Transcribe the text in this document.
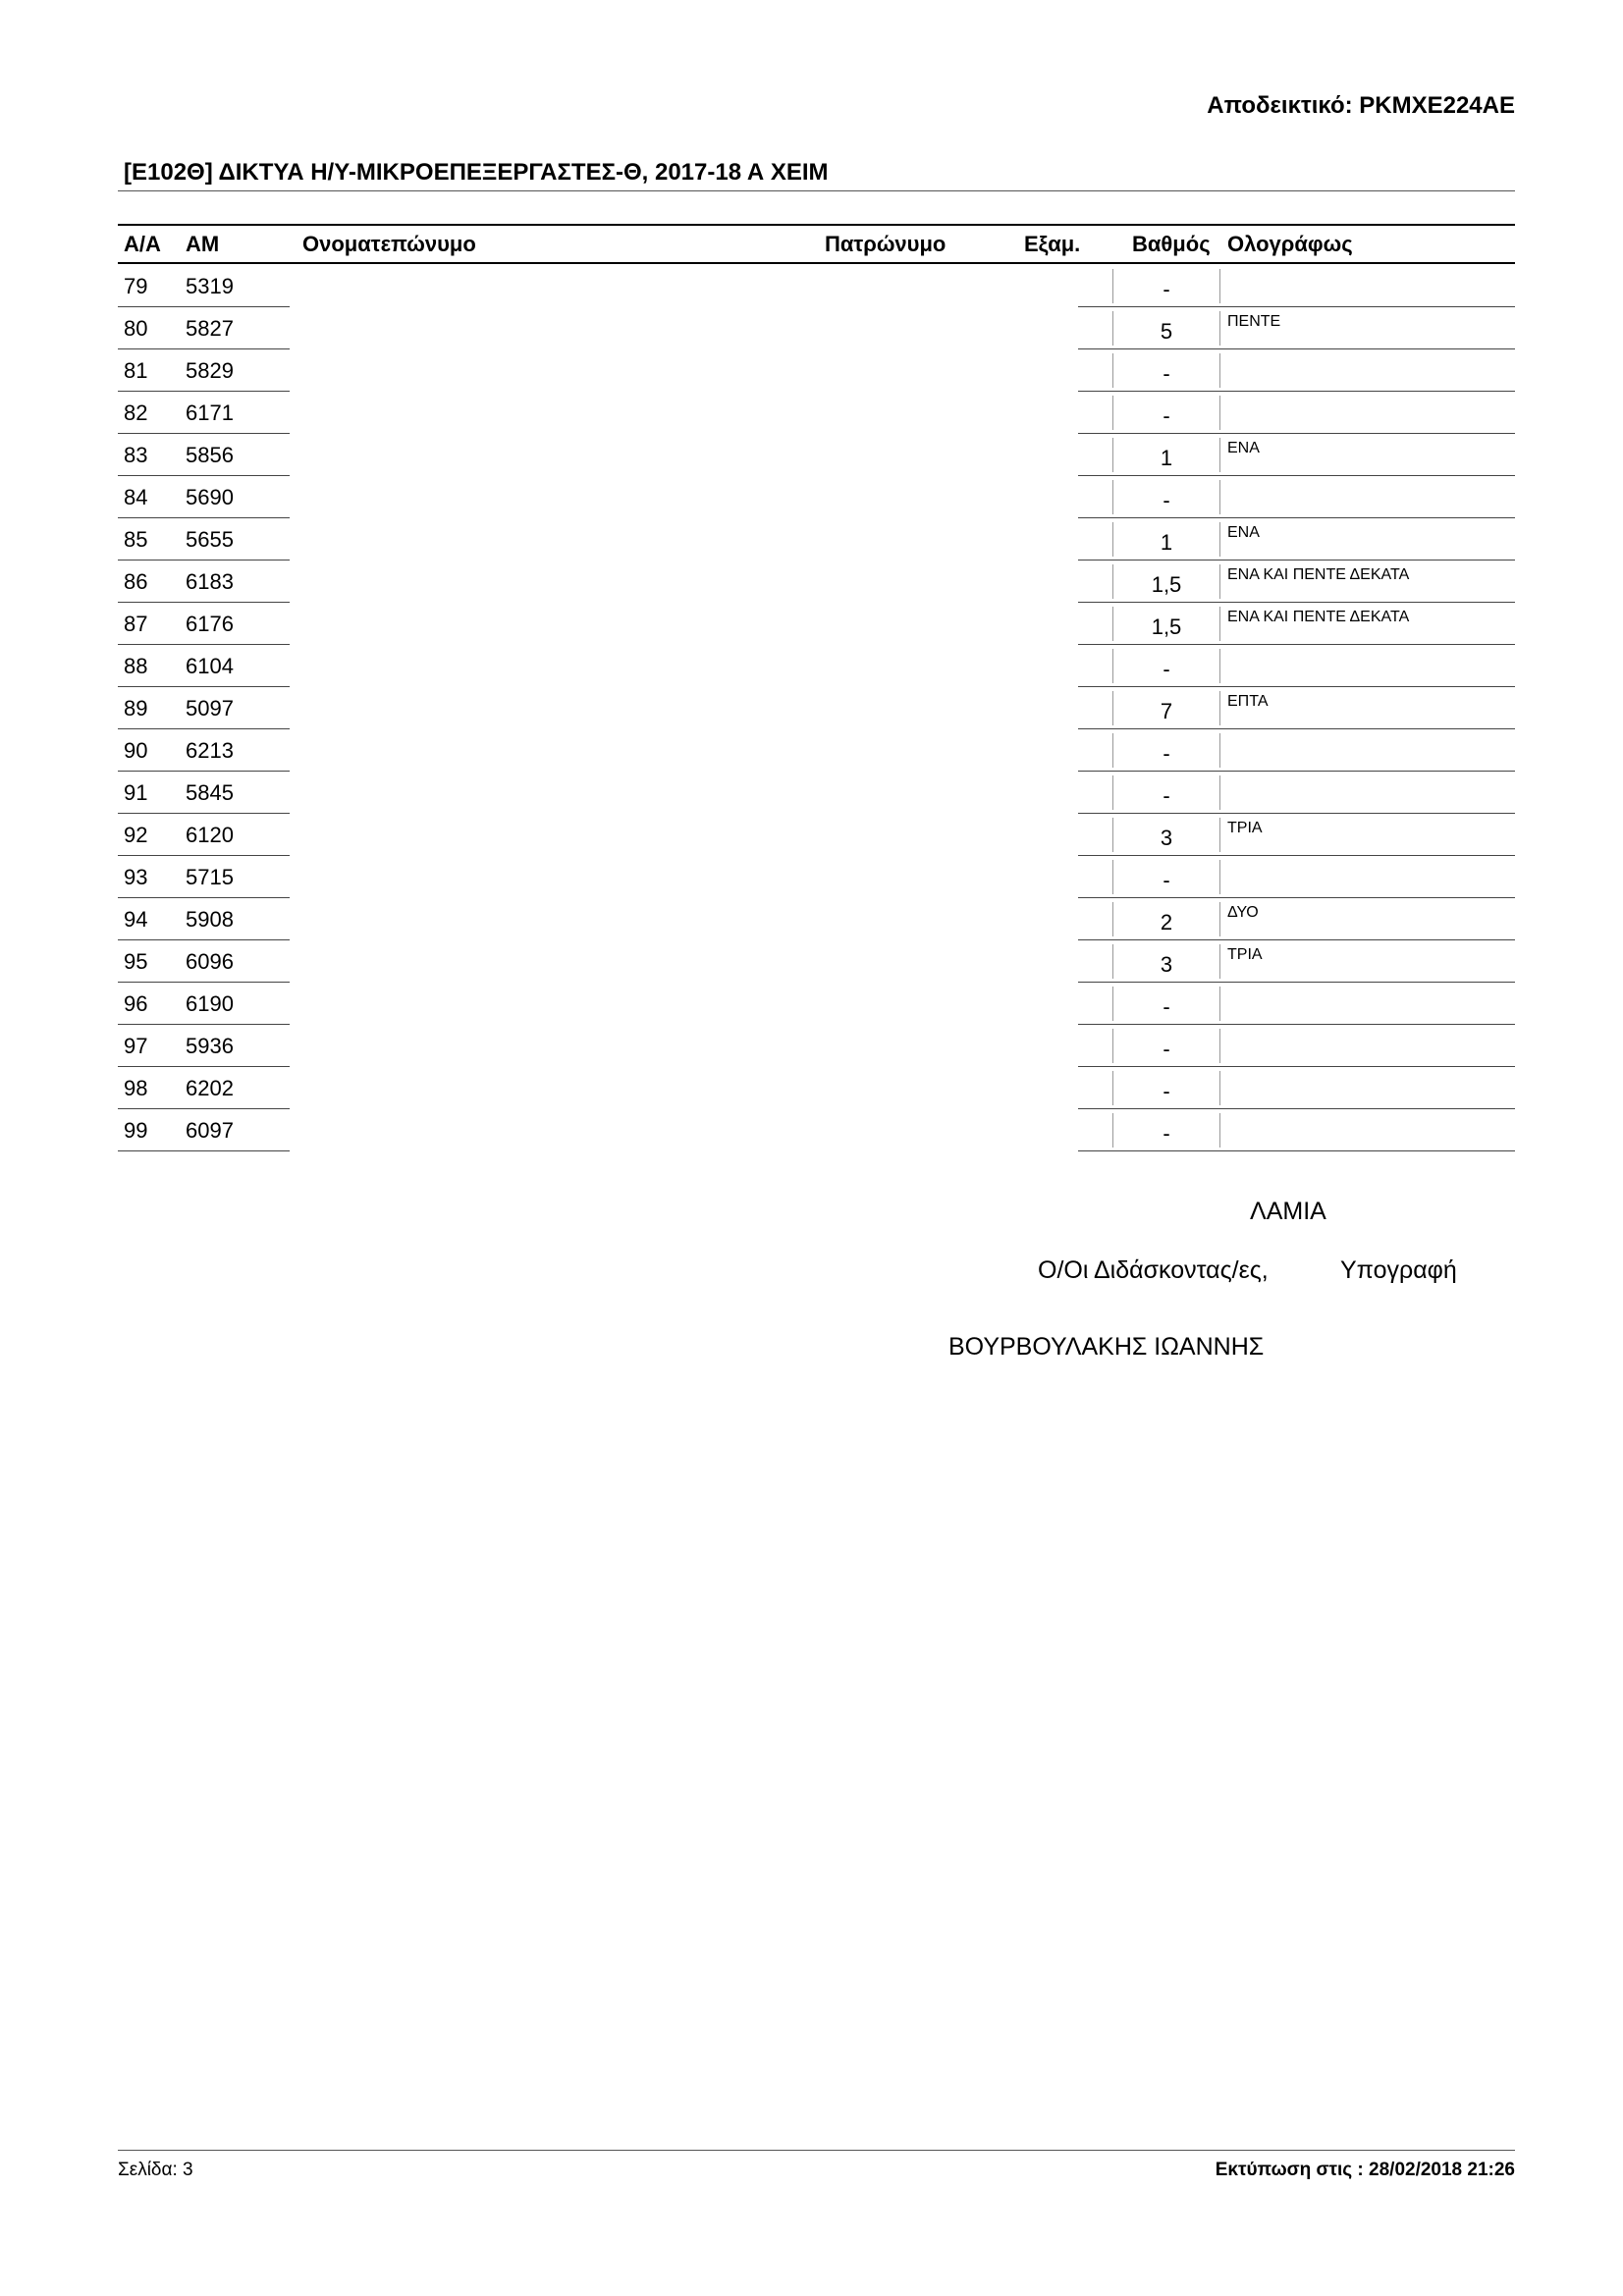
Αποδεικτικό: ΡΚΜΧΕ224ΑΕ
[Ε102Θ] ΔΙΚΤΥΑ Η/Υ-ΜΙΚΡΟΕΠΕΞΕΡΓΑΣΤΕΣ-Θ, 2017-18 Α ΧΕΙΜ
Α/Α ΑΜ	Ονοματεπώνυμο	Πατρώνυμο	Εξαμ. Βαθμός Ολογράφως
79 5319	-
80 5827	5	ΠΕΝΤΕ
81 5829	-
82 6171	-
83 5856	1	ΕΝΑ
84 5690	-
85 5655	1	ΕΝΑ
86 6183	1,5	ΕΝΑ ΚΑΙ ΠΕΝΤΕ ΔΕΚΑΤΑ
87 6176	1,5	ΕΝΑ ΚΑΙ ΠΕΝΤΕ ΔΕΚΑΤΑ
88 6104	-
89 5097	7	ΕΠΤΑ
90 6213	-
91 5845	-
92 6120	3	ΤΡΙΑ
93 5715	-
94 5908	2	ΔΥΟ
95 6096	3	ΤΡΙΑ
96 6190	-
97 5936	-
98 6202	-
99 6097	-
ΛΑΜΙΑ
Ο/Οι Διδάσκοντας/ες,	Υπογραφή
ΒΟΥΡΒΟΥΛΑΚΗΣ ΙΩΑΝΝΗΣ
Σελίδα: 3	Εκτύπωση στις : 28/02/2018 21:26
